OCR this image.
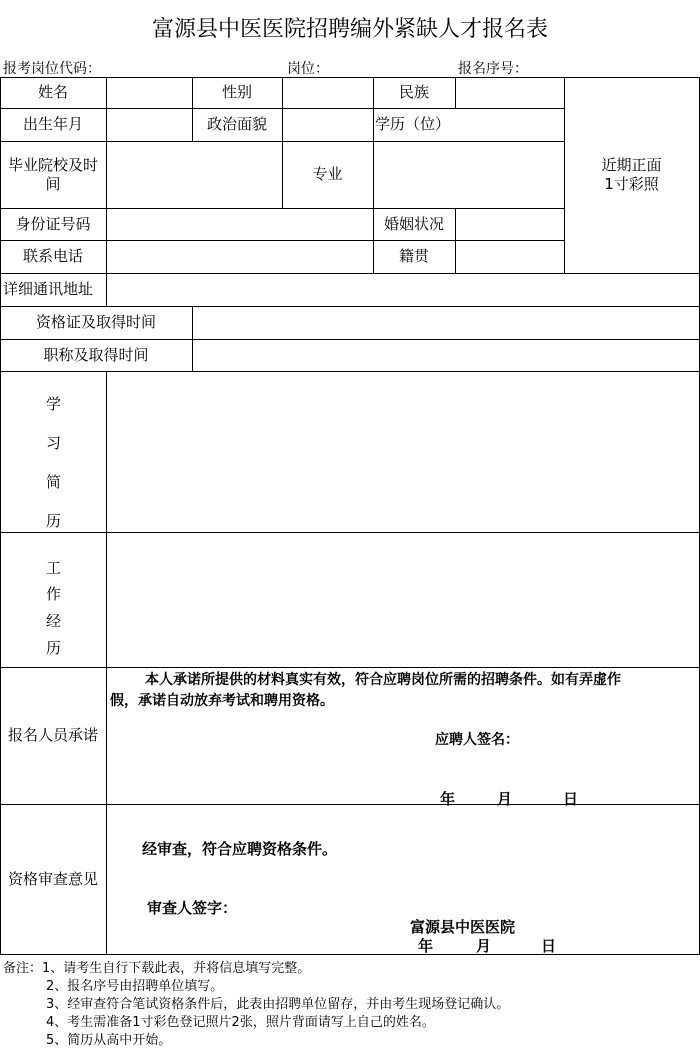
富源县中医医院招聘编外紧缺人才报名表
报考岗位代码：	岗位：	报名序号：
姓名	性别	民族
近期正面
1寸彩照
出生年月	政治面貌	学历（位）
毕业院校及时
间
专业
身份证号码	婚姻状况
联系电话	籍贯
详细通讯地址
资格证及取得时间
职称及取得时间
学
习
简
历
工
作
经
历
报名人员承诺
本人承诺所提供的材料真实有效，符合应聘岗位所需的招聘条件。如有弄虚作
假，承诺自动放弃考试和聘用资格。
应聘人签名：
年	月	日
资格审查意见
经审查，符合应聘资格条件。
审查人签字：
富源县中医医院
年	月	日
备注：1、请考生自行下载此表，并将信息填写完整。
2、报名序号由招聘单位填写。
3、经审查符合笔试资格条件后，此表由招聘单位留存，并由考生现场登记确认。
4、考生需准备1寸彩色登记照片2张，照片背面请写上自己的姓名。
5、简历从高中开始。
